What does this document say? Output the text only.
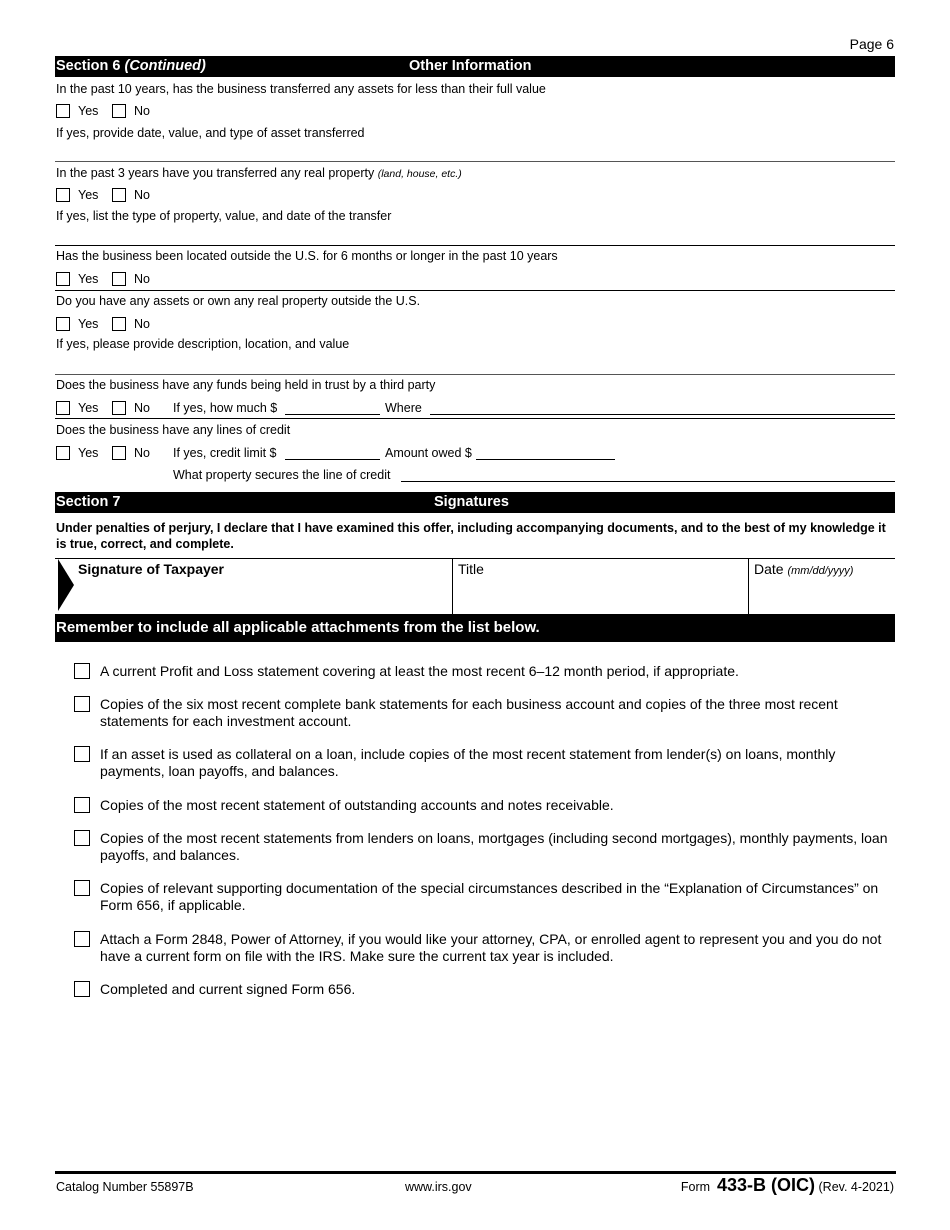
Page 6
Section 6 (Continued)	Other Information
In the past 10 years, has the business transferred any assets for less than their full value
Yes	No
If yes, provide date, value, and type of asset transferred
In the past 3 years have you transferred any real property (land, house, etc.)
Yes	No
If yes, list the type of property, value, and date of the transfer
Has the business been located outside the U.S. for 6 months or longer in the past 10 years
Yes	No
Do you have any assets or own any real property outside the U.S.
Yes	No
If yes, please provide description, location, and value
Does the business have any funds being held in trust by a third party
Yes	No If yes, how much $	Where
Does the business have any lines of credit
Yes	No If yes, credit limit $	Amount owed $
What property secures the line of credit
Section 7	Signatures
Under penalties of perjury, I declare that I have examined this offer, including accompanying documents, and to the best of my knowledge it is true, correct, and complete.
Signature of Taxpayer	Title	Date (mm/dd/yyyy)
Remember to include all applicable attachments from the list below.
A current Profit and Loss statement covering at least the most recent 6–12 month period, if appropriate.
Copies of the six most recent complete bank statements for each business account and copies of the three most recent statements for each investment account.
If an asset is used as collateral on a loan, include copies of the most recent statement from lender(s) on loans, monthly payments, loan payoffs, and balances.
Copies of the most recent statement of outstanding accounts and notes receivable.
Copies of the most recent statements from lenders on loans, mortgages (including second mortgages), monthly payments, loan payoffs, and balances.
Copies of relevant supporting documentation of the special circumstances described in the “Explanation of Circumstances” on Form 656, if applicable.
Attach a Form 2848, Power of Attorney, if you would like your attorney, CPA, or enrolled agent to represent you and you do not have a current form on file with the IRS. Make sure the current tax year is included.
Completed and current signed Form 656.
Catalog Number 55897B	www.irs.gov	Form 433-B (OIC) (Rev. 4-2021)
